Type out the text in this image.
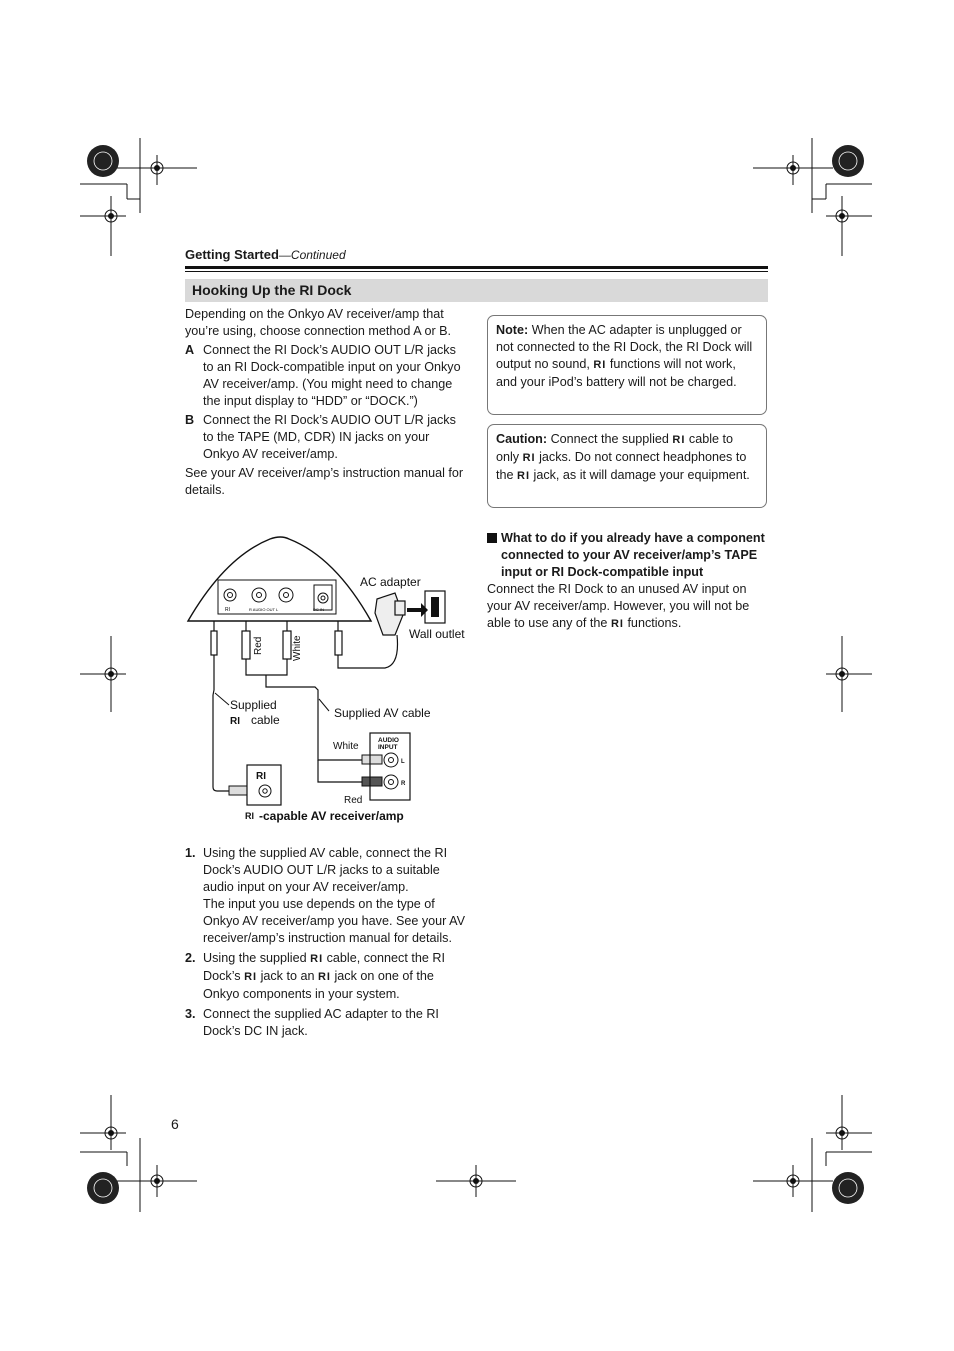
Getting Started—Continued
Hooking Up the RI Dock

Depending on the Onkyo AV receiver/amp that you’re using, choose connection method A or B.

A Connect the RI Dock’s AUDIO OUT L/R jacks to an RI Dock-compatible input on your Onkyo AV receiver/amp. (You might need to change the input display to “HDD” or “DOCK.”)
B Connect the RI Dock’s AUDIO OUT L/R jacks to the TAPE (MD, CDR) IN jacks on your Onkyo AV receiver/amp.

See your AV receiver/amp’s instruction manual for details.

RI	R AUDIO OUT L	DC IN
AC adapter
Wall outlet
Red	White
Supplied
RI cable	Supplied AV cable
White
Red
AUDIO
INPUT
L
R
RI
RI -capable AV receiver/amp
1. Using the supplied AV cable, connect the RI Dock’s AUDIO OUT L/R jacks to a suitable audio input on your AV receiver/amp.
The input you use depends on the type of Onkyo AV receiver/amp you have. See your AV receiver/amp’s instruction manual for details.
2. Using the supplied RI cable, connect the RI Dock’s RI jack to an RI jack on one of the Onkyo components in your system.
3. Connect the supplied AC adapter to the RI Dock’s DC IN jack.
Note: When the AC adapter is unplugged or not connected to the RI Dock, the RI Dock will output no sound, RI functions will not work, and your iPod’s battery will not be charged.
Caution: Connect the supplied RI cable to only RI jacks. Do not connect headphones to the RI jack, as it will damage your equipment.
What to do if you already have a component connected to your AV receiver/amp’s TAPE input or RI Dock-compatible input

Connect the RI Dock to an unused AV input on your AV receiver/amp. However, you will not be able to use any of the RI functions.

6
